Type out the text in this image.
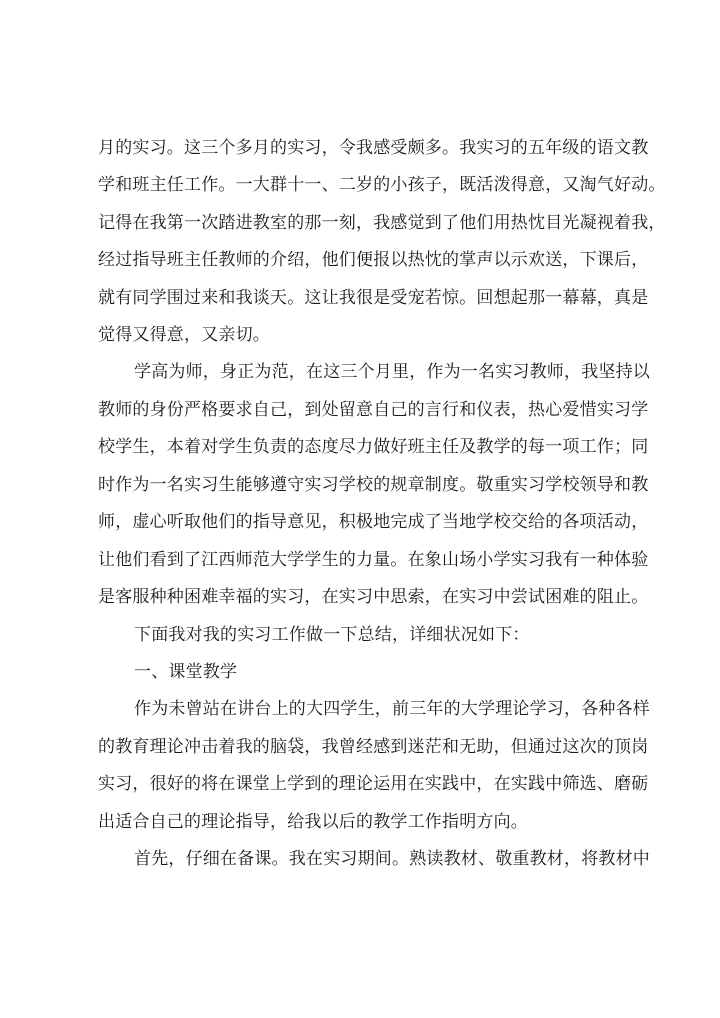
月的实习。这三个多月的实习，令我感受颇多。我实习的五年级的语文教
学和班主任工作。一大群十一、二岁的小孩子，既活泼得意，又淘气好动。
记得在我第一次踏进教室的那一刻，我感觉到了他们用热忱目光凝视着我，
经过指导班主任教师的介绍，他们便报以热忱的掌声以示欢送，下课后，
就有同学围过来和我谈天。这让我很是受宠若惊。回想起那一幕幕，真是
觉得又得意，又亲切。
学高为师，身正为范，在这三个月里，作为一名实习教师，我坚持以
教师的身份严格要求自己，到处留意自己的言行和仪表，热心爱惜实习学
校学生，本着对学生负责的态度尽力做好班主任及教学的每一项工作；同
时作为一名实习生能够遵守实习学校的规章制度。敬重实习学校领导和教
师，虚心听取他们的指导意见，积极地完成了当地学校交给的各项活动，
让他们看到了江西师范大学学生的力量。在象山场小学实习我有一种体验
是客服种种困难幸福的实习，在实习中思索，在实习中尝试困难的阻止。
下面我对我的实习工作做一下总结，详细状况如下：
一、课堂教学
作为未曾站在讲台上的大四学生，前三年的大学理论学习，各种各样
的教育理论冲击着我的脑袋，我曾经感到迷茫和无助，但通过这次的顶岗
实习，很好的将在课堂上学到的理论运用在实践中，在实践中筛选、磨砺
出适合自己的理论指导，给我以后的教学工作指明方向。
首先，仔细在备课。我在实习期间。熟读教材、敬重教材，将教材中
